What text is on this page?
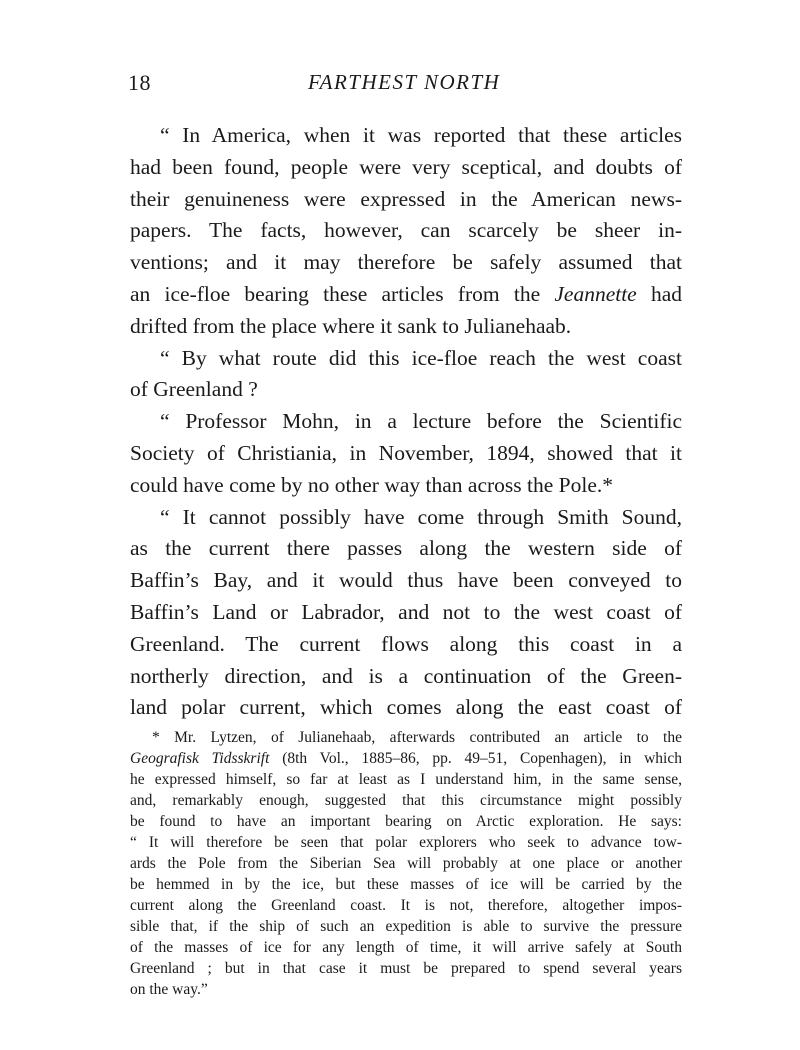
18	FARTHEST NORTH
“ In America, when it was reported that these articles
had been found, people were very sceptical, and doubts of
their genuineness were expressed in the American news-
papers. The facts, however, can scarcely be sheer in-
ventions; and it may therefore be safely assumed that
an ice-floe bearing these articles from the Jeannette had
drifted from the place where it sank to Julianehaab.
“ By what route did this ice-floe reach the west coast
of Greenland ?
“ Professor Mohn, in a lecture before the Scientific
Society of Christiania, in November, 1894, showed that it
could have come by no other way than across the Pole.*
“ It cannot possibly have come through Smith Sound,
as the current there passes along the western side of
Baffin’s Bay, and it would thus have been conveyed to
Baffin’s Land or Labrador, and not to the west coast of
Greenland. The current flows along this coast in a
northerly direction, and is a continuation of the Green-
land polar current, which comes along the east coast of
* Mr. Lytzen, of Julianehaab, afterwards contributed an article to the
Geografisk Tidsskrift (8th Vol., 1885–86, pp. 49–51, Copenhagen), in which
he expressed himself, so far at least as I understand him, in the same sense,
and, remarkably enough, suggested that this circumstance might possibly
be found to have an important bearing on Arctic exploration. He says:
“ It will therefore be seen that polar explorers who seek to advance tow-
ards the Pole from the Siberian Sea will probably at one place or another
be hemmed in by the ice, but these masses of ice will be carried by the
current along the Greenland coast. It is not, therefore, altogether impos-
sible that, if the ship of such an expedition is able to survive the pressure
of the masses of ice for any length of time, it will arrive safely at South
Greenland ; but in that case it must be prepared to spend several years
on the way.”
